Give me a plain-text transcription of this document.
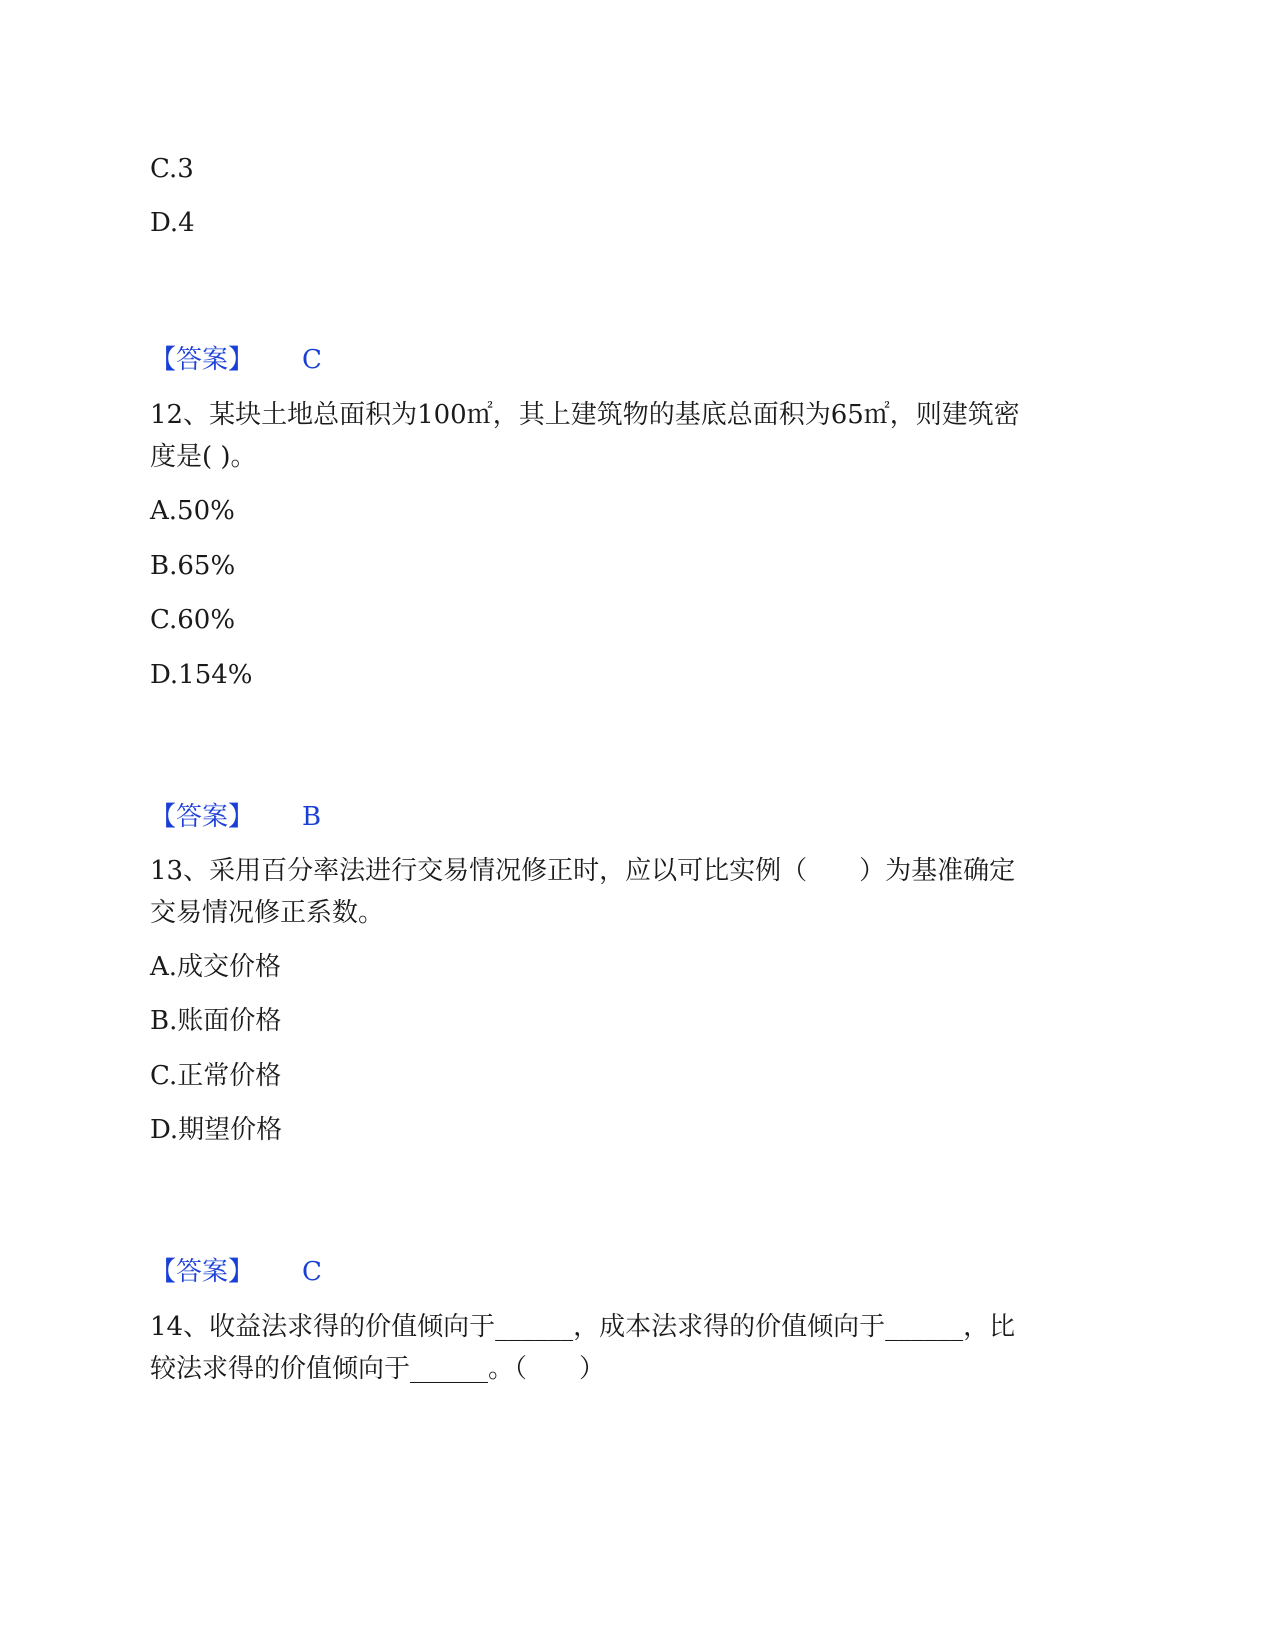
C.3
D.4
【答案】 C
12、某块土地总面积为100㎡，其上建筑物的基底总面积为65㎡，则建筑密
度是( )。
A.50%
B.65%
C.60%
D.154%
【答案】 B
13、采用百分率法进行交易情况修正时，应以可比实例（　　）为基准确定
交易情况修正系数。
A.成交价格
B.账面价格
C.正常价格
D.期望价格
【答案】 C
14、收益法求得的价值倾向于______，成本法求得的价值倾向于______，比
较法求得的价值倾向于______。（　　）
